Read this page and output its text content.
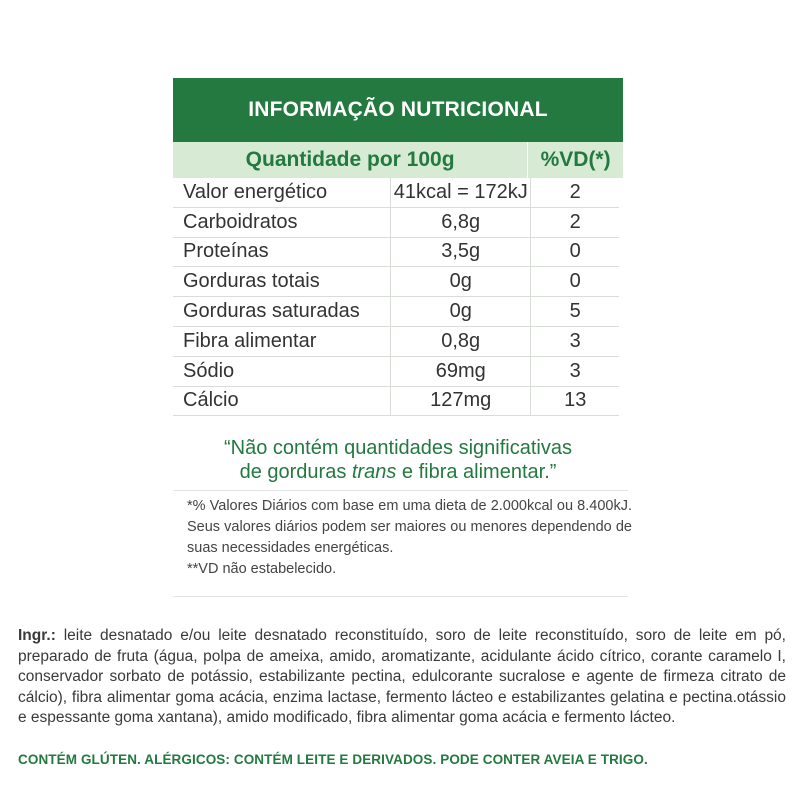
INFORMAÇÃO NUTRICIONAL
Quantidade por 100g	%VD(*)
Valor energético	41kcal = 172kJ	2
Carboidratos	6,8g	2
Proteínas	3,5g	0
Gorduras totais	0g	0
Gorduras saturadas	0g	5
Fibra alimentar	0,8g	3
Sódio	69mg	3
Cálcio	127mg	13
“Não contém quantidades significativas
de gorduras trans e fibra alimentar.”
*% Valores Diários com base em uma dieta de 2.000kcal ou 8.400kJ. Seus valores diários podem ser maiores ou menores dependendo de suas necessidades energéticas.
**VD não estabelecido.
Ingr.: leite desnatado e/ou leite desnatado reconstituído, soro de leite reconstituído, soro de leite em pó, preparado de fruta (água, polpa de ameixa, amido, aromatizante, acidulante ácido cítrico, corante caramelo I, conservador sorbato de potássio, estabilizante pectina, edulcorante sucralose e agente de firmeza citrato de cálcio), fibra alimentar goma acácia, enzima lactase, fermento lácteo e estabilizantes gelatina e pectina.otássio e espessante goma xantana), amido modificado, fibra alimentar goma acácia e fermento lácteo.
CONTÉM GLÚTEN. ALÉRGICOS: CONTÉM LEITE E DERIVADOS. PODE CONTER AVEIA E TRIGO.
